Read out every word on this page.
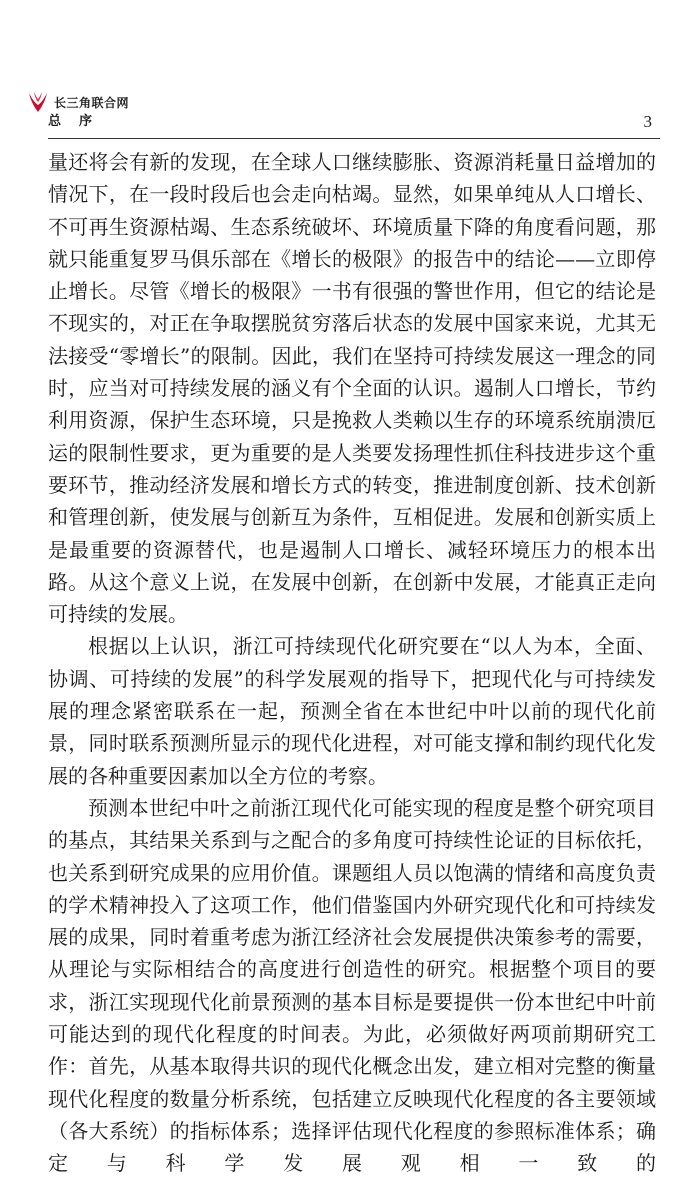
长三角联合网
总序	3

量还将会有新的发现，在全球人口继续膨胀、资源消耗量日益增加的情况下，在一段时段后也会走向枯竭。显然，如果单纯从人口增长、不可再生资源枯竭、生态系统破坏、环境质量下降的角度看问题，那就只能重复罗马俱乐部在《增长的极限》的报告中的结论——立即停止增长。尽管《增长的极限》一书有很强的警世作用，但它的结论是不现实的，对正在争取摆脱贫穷落后状态的发展中国家来说，尤其无法接受“零增长”的限制。因此，我们在坚持可持续发展这一理念的同时，应当对可持续发展的涵义有个全面的认识。遏制人口增长，节约利用资源，保护生态环境，只是挽救人类赖以生存的环境系统崩溃厄运的限制性要求，更为重要的是人类要发扬理性抓住科技进步这个重要环节，推动经济发展和增长方式的转变，推进制度创新、技术创新和管理创新，使发展与创新互为条件，互相促进。发展和创新实质上是最重要的资源替代，也是遏制人口增长、减轻环境压力的根本出路。从这个意义上说，在发展中创新，在创新中发展，才能真正走向可持续的发展。

根据以上认识，浙江可持续现代化研究要在“以人为本，全面、协调、可持续的发展”的科学发展观的指导下，把现代化与可持续发展的理念紧密联系在一起，预测全省在本世纪中叶以前的现代化前景，同时联系预测所显示的现代化进程，对可能支撑和制约现代化发展的各种重要因素加以全方位的考察。

预测本世纪中叶之前浙江现代化可能实现的程度是整个研究项目的基点，其结果关系到与之配合的多角度可持续性论证的目标依托，也关系到研究成果的应用价值。课题组人员以饱满的情绪和高度负责的学术精神投入了这项工作，他们借鉴国内外研究现代化和可持续发展的成果，同时着重考虑为浙江经济社会发展提供决策参考的需要，从理论与实际相结合的高度进行创造性的研究。根据整个项目的要求，浙江实现现代化前景预测的基本目标是要提供一份本世纪中叶前可能达到的现代化程度的时间表。为此，必须做好两项前期研究工作：首先，从基本取得共识的现代化概念出发，建立相对完整的衡量现代化程度的数量分析系统，包括建立反映现代化程度的各主要领域（各大系统）的指标体系；选择评估现代化程度的参照标准体系；确定与科学发展观相一致的
